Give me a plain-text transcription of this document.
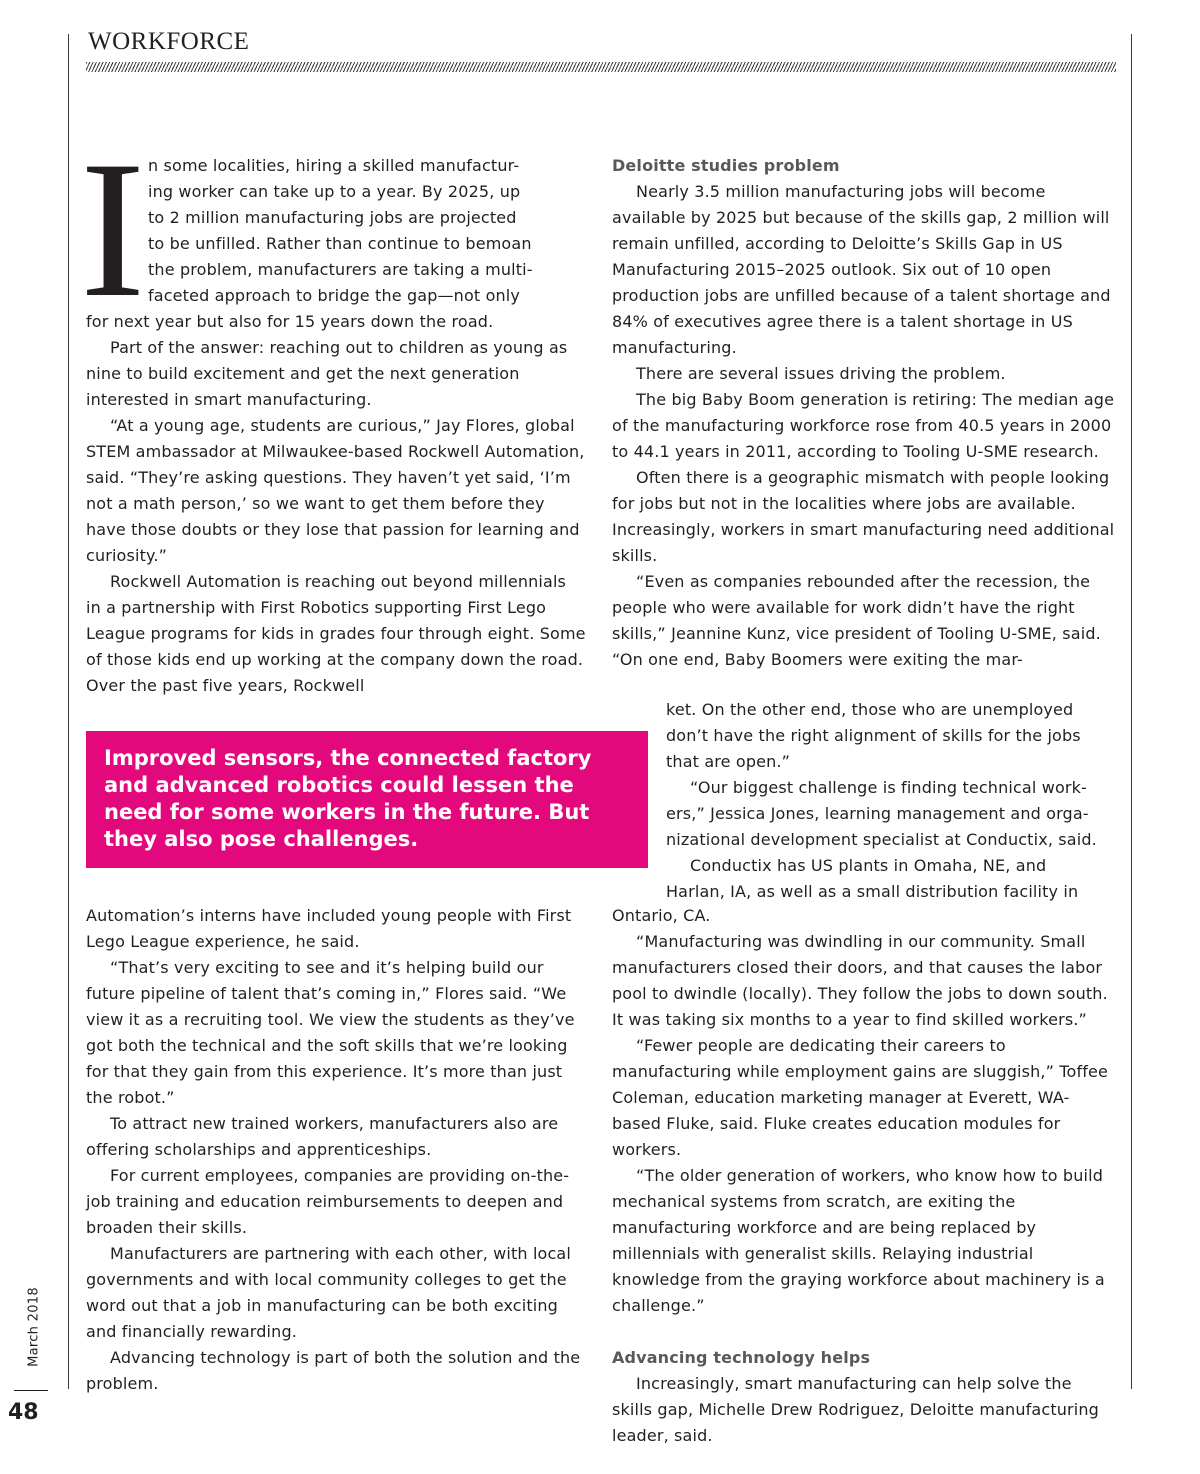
WORKFORCE
I n some localities, hiring a skilled manufactur-
ing worker can take up to a year. By 2025, up
to 2 million manufacturing jobs are projected
to be unfilled. Rather than continue to bemoan
the problem, manufacturers are taking a multi-
faceted approach to bridge the gap—not only
for next year but also for 15 years down the road.

Part of the answer: reaching out to children as young as nine to build excitement and get the next generation interested in smart manufacturing.

“At a young age, students are curious,” Jay Flores, global STEM ambassador at Milwaukee-based Rockwell Automation, said. “They’re asking questions. They haven’t yet said, ‘I’m not a math person,’ so we want to get them before they have those doubts or they lose that passion for learning and curiosity.”

Rockwell Automation is reaching out beyond millennials in a partnership with First Robotics supporting First Lego League programs for kids in grades four through eight. Some of those kids end up working at the company down the road. Over the past five years, Rockwell

Improved sensors, the connected factory and advanced robotics could lessen the need for some workers in the future. But they also pose challenges.

Automation’s interns have included young people with First Lego League experience, he said.

“That’s very exciting to see and it’s helping build our future pipeline of talent that’s coming in,” Flores said. “We view it as a recruiting tool. We view the students as they’ve got both the technical and the soft skills that we’re looking for that they gain from this experience. It’s more than just the robot.”

To attract new trained workers, manufacturers also are offering scholarships and apprenticeships.

For current employees, companies are providing on-the-job training and education reimbursements to deepen and broaden their skills.

Manufacturers are partnering with each other, with local governments and with local community colleges to get the word out that a job in manufacturing can be both exciting and financially rewarding.

Advancing technology is part of both the solution and the problem.

Deloitte studies problem

Nearly 3.5 million manufacturing jobs will become available by 2025 but because of the skills gap, 2 million will remain unfilled, according to Deloitte’s Skills Gap in US Manufacturing 2015–2025 outlook. Six out of 10 open production jobs are unfilled because of a talent shortage and 84% of executives agree there is a talent shortage in US manufacturing.

There are several issues driving the problem.

The big Baby Boom generation is retiring: The median age of the manufacturing workforce rose from 40.5 years in 2000 to 44.1 years in 2011, according to Tooling U-SME research.

Often there is a geographic mismatch with people looking for jobs but not in the localities where jobs are available. Increasingly, workers in smart manufacturing need additional skills.

“Even as companies rebounded after the recession, the people who were available for work didn’t have the right skills,” Jeannine Kunz, vice president of Tooling U-SME, said. “On one end, Baby Boomers were exiting the mar-

ket. On the other end, those who are unemployed
don’t have the right alignment of skills for the jobs
that are open.”
“Our biggest challenge is finding technical work-
ers,” Jessica Jones, learning management and orga-
nizational development specialist at Conductix, said.
Conductix has US plants in Omaha, NE, and
Harlan, IA, as well as a small distribution facility in

Ontario, CA.

“Manufacturing was dwindling in our community. Small manufacturers closed their doors, and that causes the labor pool to dwindle (locally). They follow the jobs to down south. It was taking six months to a year to find skilled workers.”

“Fewer people are dedicating their careers to manufacturing while employment gains are sluggish,” Toffee Coleman, education marketing manager at Everett, WA-based Fluke, said. Fluke creates education modules for workers.

“The older generation of workers, who know how to build mechanical systems from scratch, are exiting the manufacturing workforce and are being replaced by millennials with generalist skills. Relaying industrial knowledge from the graying workforce about machinery is a challenge.”

Advancing technology helps

Increasingly, smart manufacturing can help solve the skills gap, Michelle Drew Rodriguez, Deloitte manufacturing leader, said.

March 2018
48
